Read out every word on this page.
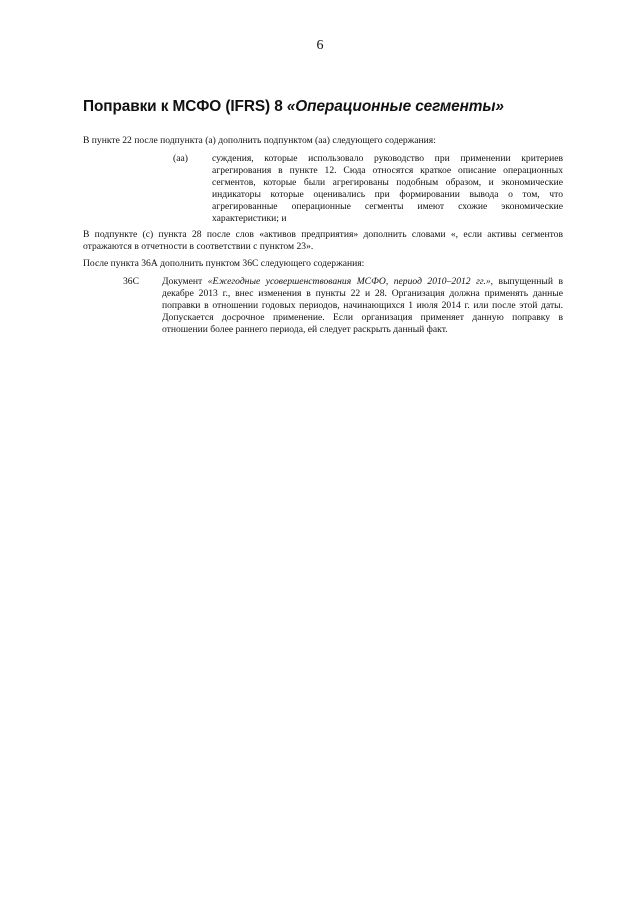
6
Поправки к МСФО (IFRS) 8 «Операционные сегменты»
В пункте 22 после подпункта (а) дополнить подпунктом (аа) следующего содержания:
(аа)	суждения, которые использовало руководство при применении критериев агрегирования в пункте 12. Сюда относятся краткое описание операционных сегментов, которые были агрегированы подобным образом, и экономические индикаторы которые оценивались при формировании вывода о том, что агрегированные операционные сегменты имеют схожие экономические характеристики; и
В подпункте (с) пункта 28 после слов «активов предприятия» дополнить словами «, если активы сегментов отражаются в отчетности в соответствии с пунктом 23».
После пункта 36А дополнить пунктом 36С следующего содержания:
36С Документ «Ежегодные усовершенствования МСФО, период 2010–2012 гг.», выпущенный в декабре 2013 г., внес изменения в пункты 22 и 28. Организация должна применять данные поправки в отношении годовых периодов, начинающихся 1 июля 2014 г. или после этой даты. Допускается досрочное применение. Если организация применяет данную поправку в отношении более раннего периода, ей следует раскрыть данный факт.
